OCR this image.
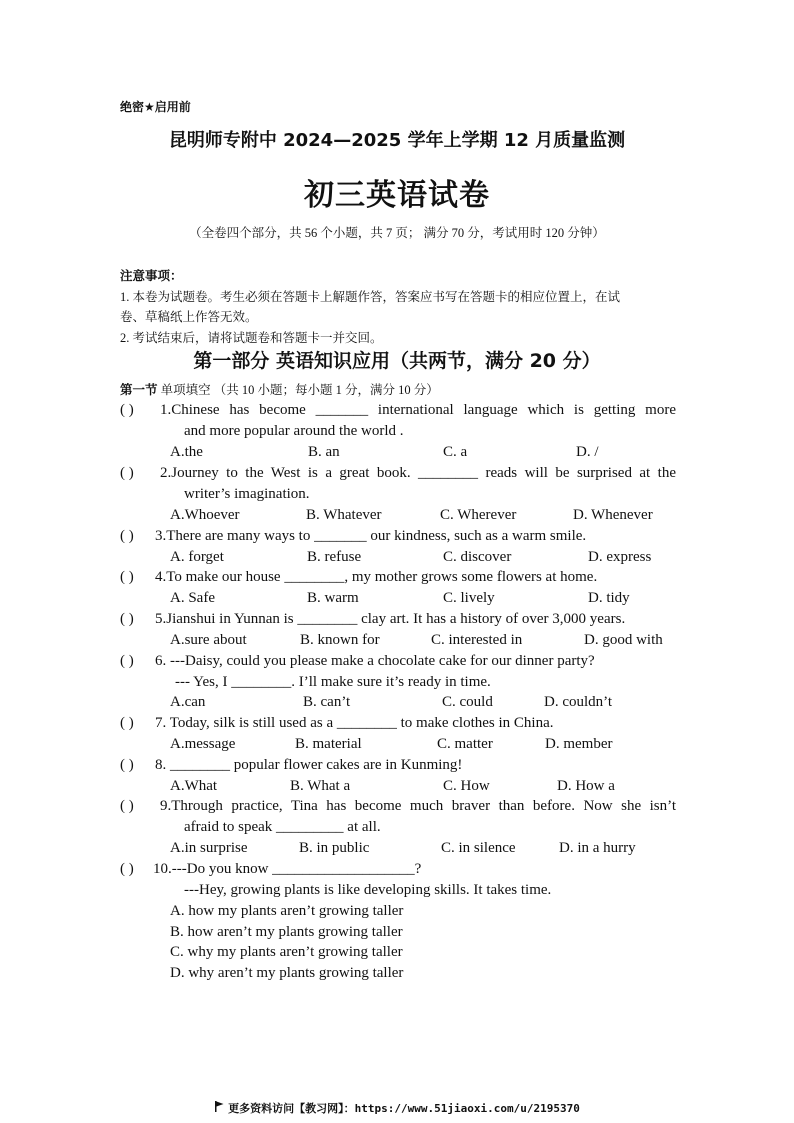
绝密★启用前
昆明师专附中 2024—2025 学年上学期 12 月质量监测
初三英语试卷
（全卷四个部分，共 56 个小题，共 7 页； 满分 70 分，考试用时 120 分钟）
注意事项：
1. 本卷为试题卷。考生必须在答题卡上解题作答，答案应书写在答题卡的相应位置上，在试
卷、草稿纸上作答无效。
2. 考试结束后，请将试题卷和答题卡一并交回。
第一部分 英语知识应用（共两节，满分 20 分）
第一节 单项填空 （共 10 小题；每小题 1 分，满分 10 分）
( ) 1.Chinese has become _______ international language which is getting more
and more popular around the world .
A.the	B. an	C. a	D. /
( ) 2.Journey to the West is a great book. ________ reads will be surprised at the
writer’s imagination.
A.Whoever	B. Whatever	C. Wherever	D. Whenever
( ) 3.There are many ways to _______ our kindness, such as a warm smile.
A. forget	B. refuse	C. discover	D. express
( ) 4.To make our house ________, my mother grows some flowers at home.
A. Safe	B. warm	C. lively	D. tidy
( ) 5.Jianshui in Yunnan is ________ clay art. It has a history of over 3,000 years.
A.sure about	B. known for	C. interested in	D. good with
( ) 6. ---Daisy, could you please make a chocolate cake for our dinner party?
--- Yes, I ________. I’ll make sure it’s ready in time.
A.can	B. can’t	C. could	D. couldn’t
( ) 7. Today, silk is still used as a ________ to make clothes in China.
A.message	B. material	C. matter	D. member
( ) 8. ________ popular flower cakes are in Kunming!
A.What	B. What a	C. How	D. How a
( ) 9.Through practice, Tina has become much braver than before. Now she isn’t
afraid to speak _________ at all.
A.in surprise	B. in public	C. in silence	D. in a hurry
( ) 10.---Do you know ___________________?
---Hey, growing plants is like developing skills. It takes time.
A. how my plants aren’t growing taller
B. how aren’t my plants growing taller
C. why my plants aren’t growing taller
D. why aren’t my plants growing taller
更多资料访问【教习网】：https://www.51jiaoxi.com/u/2195370
